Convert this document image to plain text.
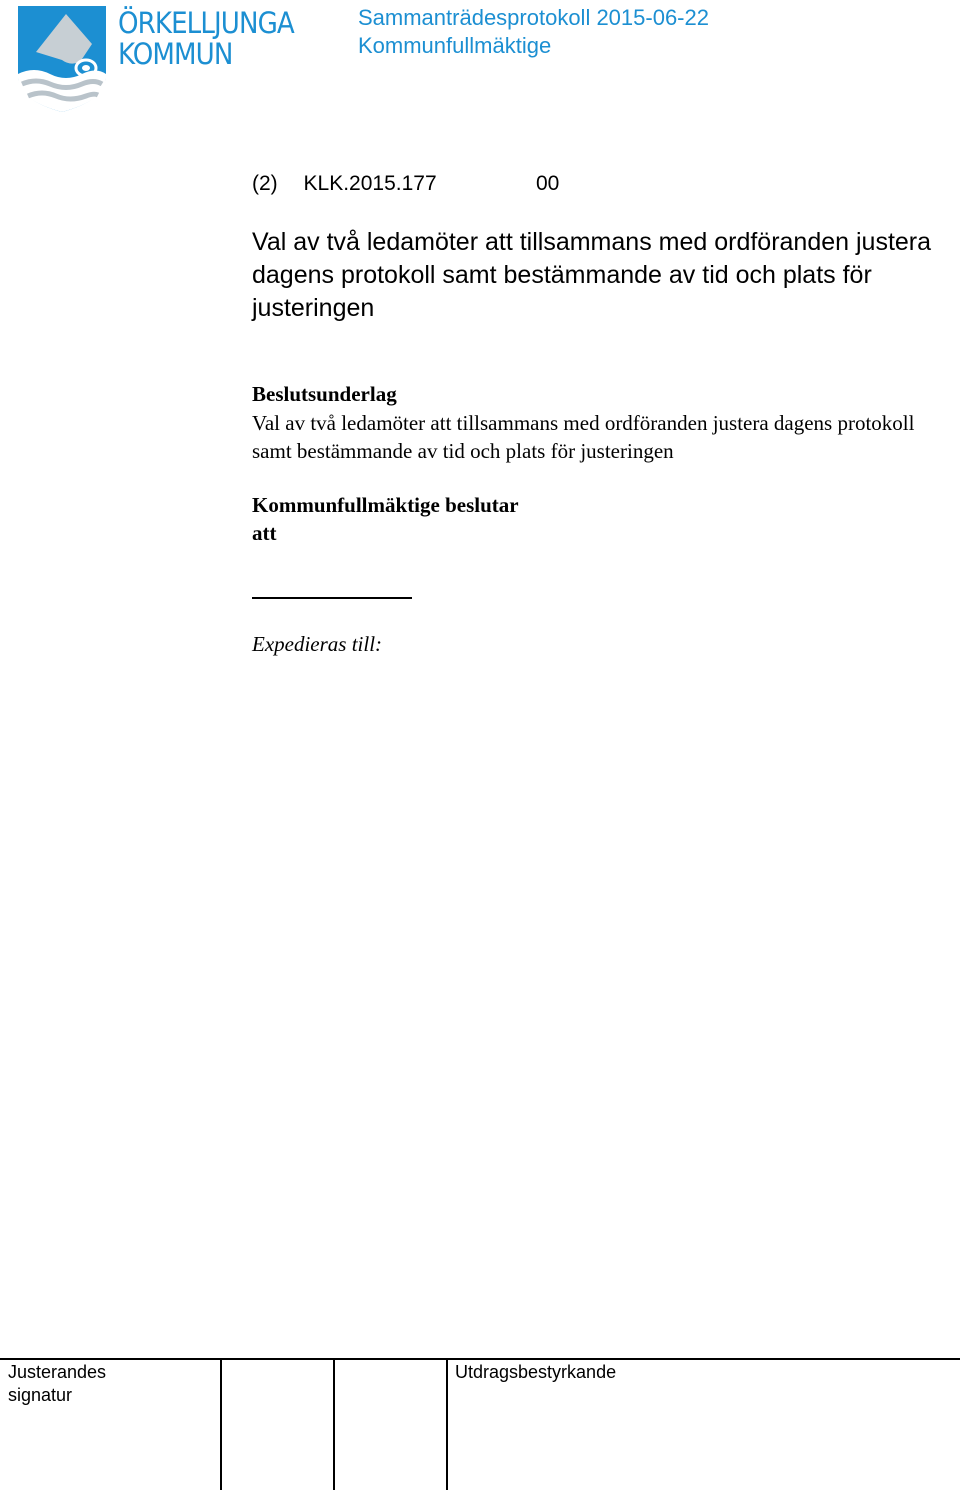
ÖRKELLJUNGA
KOMMUN
Sammanträdesprotokoll 2015-06-22
Kommunfullmäktige
(2) KLK.2015.177	00
Val av två ledamöter att tillsammans med ordföranden justera dagens protokoll samt bestämmande av tid och plats för justeringen
Beslutsunderlag
Val av två ledamöter att tillsammans med ordföranden justera dagens protokoll samt bestämmande av tid och plats för justeringen
Kommunfullmäktige beslutar
att
Expedieras till:
Justerandes
signatur
Utdragsbestyrkande
